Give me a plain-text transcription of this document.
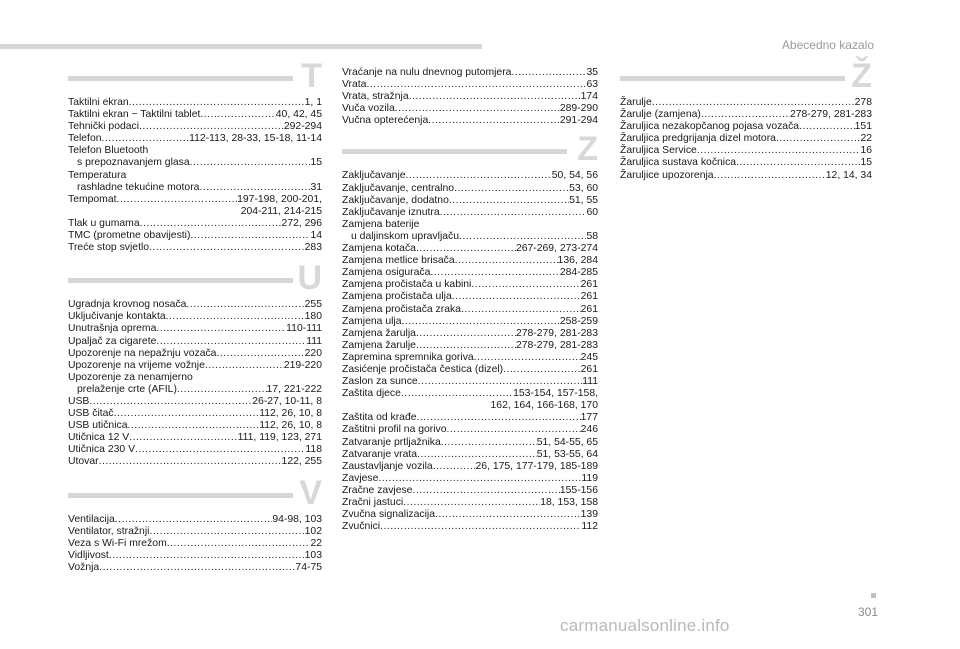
Abecedno kazalo
T
Taktilni ekran .....	1, 1
Taktilni ekran ~ Taktilni tablet .....	40, 42, 45
Tehnički podaci .....	292-294
Telefon .....	112-113, 28-33, 15-18, 11-14
Telefon Bluetooth
s prepoznavanjem glasa .....	15
Temperatura
rashladne tekućine motora .....	31
Tempomat .....	197-198, 200-201,
204-211, 214-215
Tlak u gumama .....	272, 296
TMC (prometne obavijesti) .....	14
Treće stop svjetlo .....	283
U
Ugradnja krovnog nosača .....	255
Uključivanje kontakta .....	180
Unutrašnja oprema .....	110-111
Upaljač za cigarete .....	111
Upozorenje na nepažnju vozača .....	220
Upozorenje na vrijeme vožnje .....	219-220
Upozorenje za nenamjerno
prelaženje crte (AFIL) .....	17, 221-222
USB .....	26-27, 10-11, 8
USB čitač .....	112, 26, 10, 8
USB utičnica .....	112, 26, 10, 8
Utičnica 12 V .....	111, 119, 123, 271
Utičnica 230 V .....	118
Utovar .....	122, 255
V
Ventilacija .....	94-98, 103
Ventilator, stražnji .....	102
Veza s Wi-Fi mrežom .....	22
Vidljivost .....	103
Vožnja .....	74-75
Vraćanje na nulu dnevnog putomjera .....	35
Vrata .....	63
Vrata, stražnja .....	174
Vuča vozila .....	289-290
Vučna opterećenja .....	291-294
Z
Zaključavanje .....	50, 54, 56
Zaključavanje, centralno .....	53, 60
Zaključavanje, dodatno .....	51, 55
Zaključavanje iznutra .....	60
Zamjena baterije
u daljinskom upravljaču .....	58
Zamjena kotača .....	267-269, 273-274
Zamjena metlice brisača .....	136, 284
Zamjena osigurača .....	284-285
Zamjena pročistača u kabini .....	261
Zamjena pročistača ulja .....	261
Zamjena pročistača zraka .....	261
Zamjena ulja .....	258-259
Zamjena žarulja .....	278-279, 281-283
Zamjena žarulje .....	278-279, 281-283
Zapremina spremnika goriva .....	245
Zasićenje pročistača čestica (dizel) .....	261
Zaslon za sunce .....	111
Zaštita djece .....	153-154, 157-158,
162, 164, 166-168, 170
Zaštita od krađe .....	177
Zaštitni profil na gorivo .....	246
Zatvaranje prtljažnika .....	51, 54-55, 65
Zatvaranje vrata .....	51, 53-55, 64
Zaustavljanje vozila .....	26, 175, 177-179, 185-189
Zavjese .....	119
Zračne zavjese .....	155-156
Zračni jastuci .....	18, 153, 158
Zvučna signalizacija .....	139
Zvučnici .....	112
Ž
Žarulje .....	278
Žarulje (zamjena) .....	278-279, 281-283
Žaruljica nezakopčanog pojasa vozača .....	151
Žaruljica predgrijanja dizel motora .....	22
Žaruljica Service .....	16
Žaruljica sustava kočnica .....	15
Žaruljice upozorenja .....	12, 14, 34
301
carmanualsonline.info
